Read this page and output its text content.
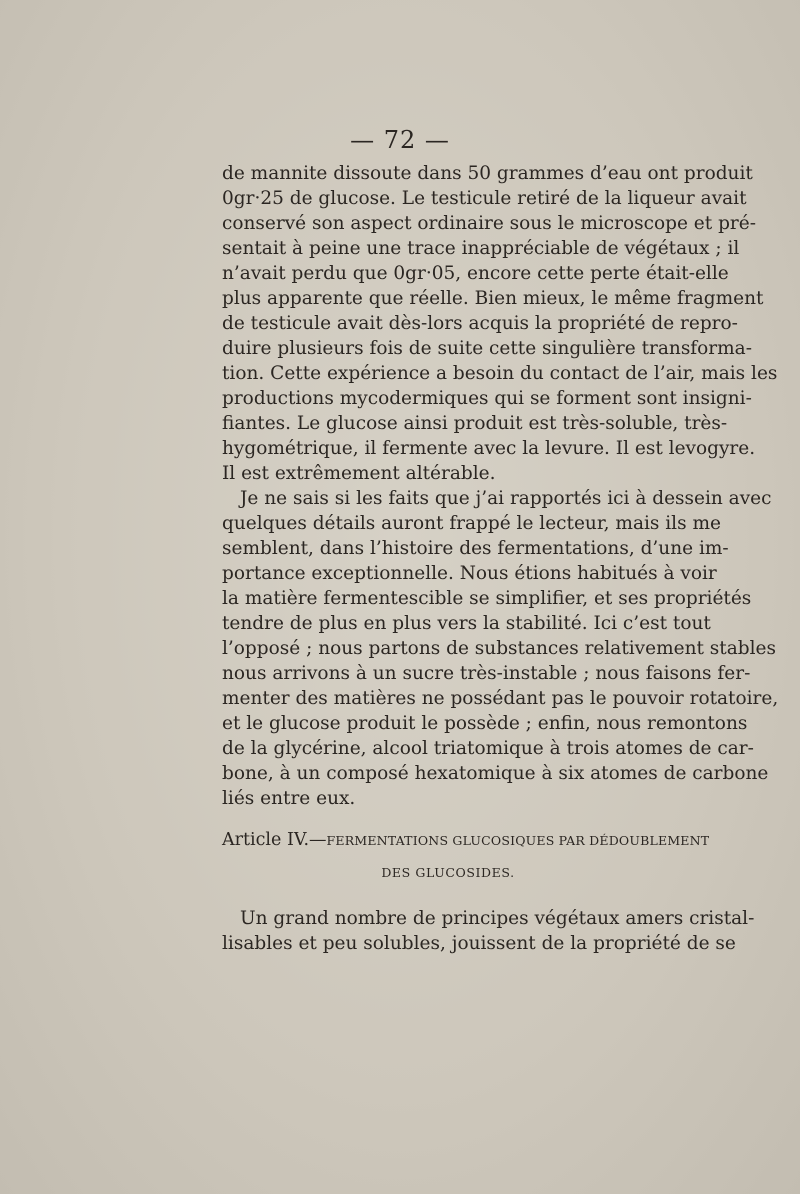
— 72 —
de mannite dissoute dans 50 grammes d’eau ont produit
0gr·25 de glucose. Le testicule retiré de la liqueur avait
conservé son aspect ordinaire sous le microscope et pré-
sentait à peine une trace inappréciable de végétaux ; il
n’avait perdu que 0gr·05, encore cette perte était-elle
plus apparente que réelle. Bien mieux, le même fragment
de testicule avait dès-lors acquis la propriété de repro-
duire plusieurs fois de suite cette singulière transforma-
tion. Cette expérience a besoin du contact de l’air, mais les
productions mycodermiques qui se forment sont insigni-
fiantes. Le glucose ainsi produit est très-soluble, très-
hygométrique, il fermente avec la levure. Il est levogyre.
Il est extrêmement altérable.
Je ne sais si les faits que j’ai rapportés ici à dessein avec
quelques détails auront frappé le lecteur, mais ils me
semblent, dans l’histoire des fermentations, d’une im-
portance exceptionnelle. Nous étions habitués à voir
la matière fermentescible se simplifier, et ses propriétés
tendre de plus en plus vers la stabilité. Ici c’est tout
l’opposé ; nous partons de substances relativement stables
nous arrivons à un sucre très-instable ; nous faisons fer-
menter des matières ne possédant pas le pouvoir rotatoire,
et le glucose produit le possède ; enfin, nous remontons
de la glycérine, alcool triatomique à trois atomes de car-
bone, à un composé hexatomique à six atomes de carbone
liés entre eux.
Article IV.—FERMENTATIONS GLUCOSIQUES PAR DÉDOUBLEMENT
DES GLUCOSIDES.
Un grand nombre de principes végétaux amers cristal-
lisables et peu solubles, jouissent de la propriété de se
